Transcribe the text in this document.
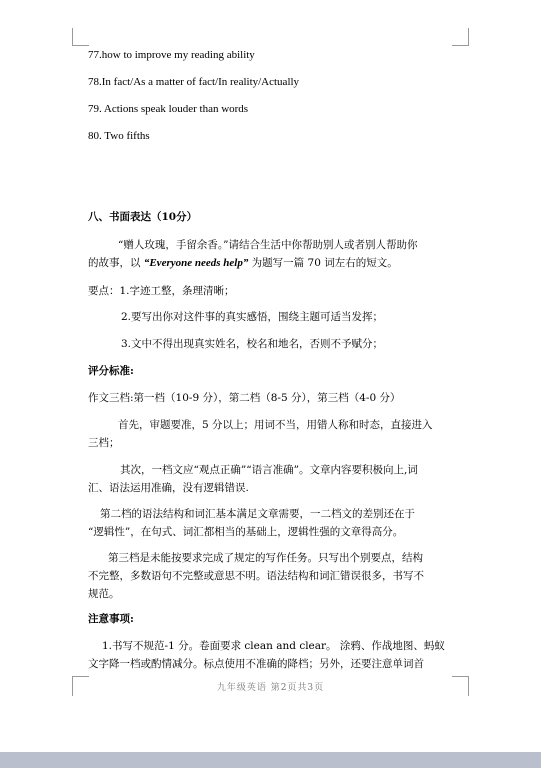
77.how to improve my reading ability
78.In fact/As a matter of fact/In reality/Actually
79. Actions speak louder than words
80. Two fifths
八、书面表达（10分）
“赠人玫瑰，手留余香。”请结合生活中你帮助别人或者别人帮助你
的故事，以 “Everyone needs help” 为题写一篇 70 词左右的短文。
要点：1.字迹工整，条理清晰；
2.要写出你对这件事的真实感悟，围绕主题可适当发挥；
3.文中不得出现真实姓名，校名和地名，否则不予赋分；
评分标准:
作文三档:第一档（10-9 分），第二档（8-5 分），第三档（4-0 分）
首先，审题要准，5 分以上；用词不当，用错人称和时态，直接进入
三档；
其次，一档文应“观点正确”“语言准确”。文章内容要积极向上,词
汇、语法运用准确，没有逻辑错误.
第二档的语法结构和词汇基本满足文章需要，一二档文的差别还在于
“逻辑性”，在句式、词汇都相当的基础上，逻辑性强的文章得高分。
第三档是未能按要求完成了规定的写作任务。只写出个别要点，结构
不完整，多数语句不完整或意思不明。语法结构和词汇错误很多，书写不
规范。
注意事项:
1.书写不规范-1 分。卷面要求 clean and clear。 涂鸦、作战地图、蚂蚁
文字降一档或酌情减分。标点使用不准确的降档；另外，还要注意单词首
九年级英语 第2页共3页
